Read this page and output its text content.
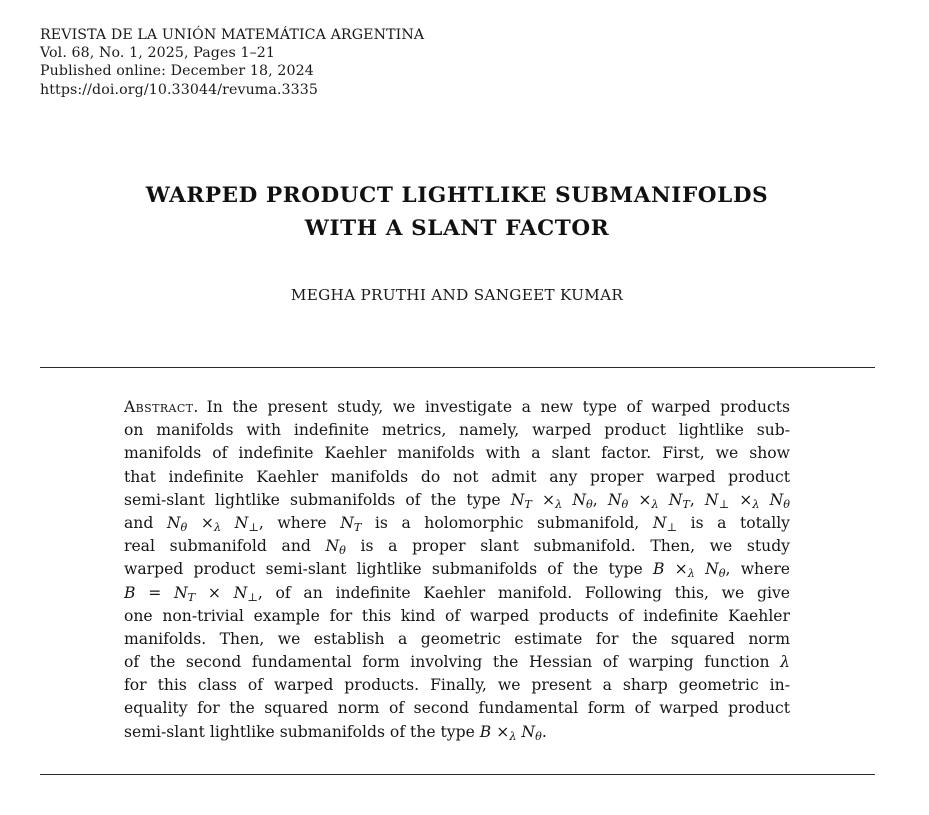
REVISTA DE LA UNIÓN MATEMÁTICA ARGENTINA
Vol. 68, No. 1, 2025, Pages 1–21
Published online: December 18, 2024
https://doi.org/10.33044/revuma.3335
WARPED PRODUCT LIGHTLIKE SUBMANIFOLDS
WITH A SLANT FACTOR
MEGHA PRUTHI AND SANGEET KUMAR
Abstract.  In the present study, we investigate a new type of warped products
on manifolds with indefinite metrics, namely, warped product lightlike sub-
manifolds of indefinite Kaehler manifolds with a slant factor. First, we show
that indefinite Kaehler manifolds do not admit any proper warped product
semi-slant lightlike submanifolds of the type $N_T \times_\lambda$ $N_\theta$, $N_\theta \times_\lambda$ $N_T$, $N_\perp \times_\lambda$ $N_\theta$
and $N_\theta \times_\lambda$ $N_\perp$, where $N_T$ is a holomorphic submanifold, $N_\perp$ is a totally
real submanifold and $N_\theta$ is a proper slant submanifold. Then, we study
warped product semi-slant lightlike submanifolds of the type $B \times_\lambda$ $N_\theta$, where
$B = N_T \times N_\perp$, of an indefinite Kaehler manifold. Following this, we give
one non-trivial example for this kind of warped products of indefinite Kaehler
manifolds. Then, we establish a geometric estimate for the squared norm
of the second fundamental form involving the Hessian of warping function λ
for this class of warped products. Finally, we present a sharp geometric in-
equality for the squared norm of second fundamental form of warped product
semi-slant lightlike submanifolds of the type $B \times_\lambda$ $N_\theta$.
